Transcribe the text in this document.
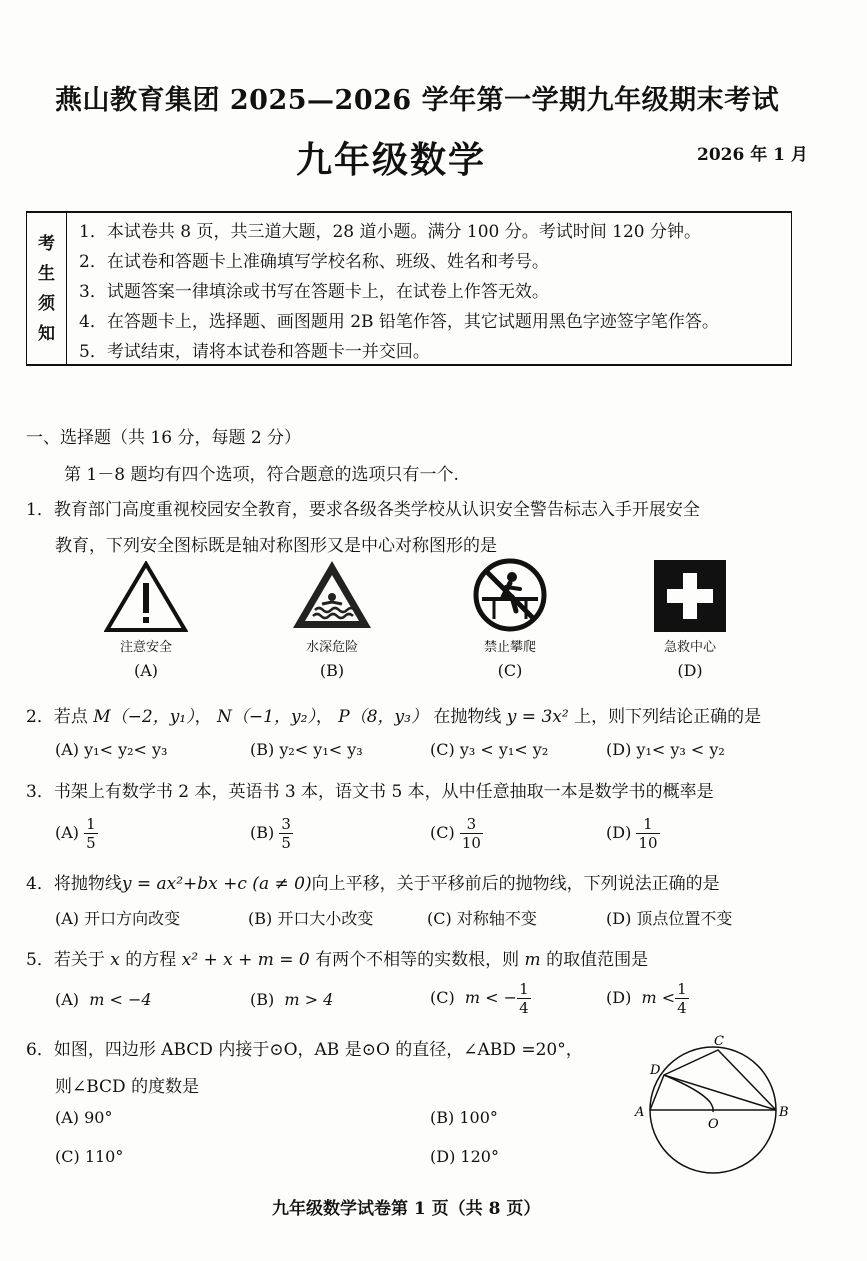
燕山教育集团 2025—2026 学年第一学期九年级期末考试
九年级数学	2026 年 1 月
考
生
须
知
1．本试卷共 8 页，共三道大题，28 道小题。满分 100 分。考试时间 120 分钟。
2．在试卷和答题卡上准确填写学校名称、班级、姓名和考号。
3．试题答案一律填涂或书写在答题卡上，在试卷上作答无效。
4．在答题卡上，选择题、画图题用 2B 铅笔作答，其它试题用黑色字迹签字笔作答。
5．考试结束，请将本试卷和答题卡一并交回。
一、选择题（共 16 分，每题 2 分）
第 1－8 题均有四个选项，符合题意的选项只有一个.
1．教育部门高度重视校园安全教育，要求各级各类学校从认识安全警告标志入手开展安全
教育，下列安全图标既是轴对称图形又是中心对称图形的是
注意安全
(A)
水深危险
(B)
禁止攀爬
(C)
急救中心
(D)
2．若点 M（−2，y₁）， N（−1，y₂）， P（8，y₃） 在抛物线 y = 3x² 上，则下列结论正确的是
(A) y₁< y₂< y₃	(B) y₂< y₁< y₃	(C) y₃ < y₁< y₂	(D) y₁< y₃ < y₂
3．书架上有数学书 2 本，英语书 3 本，语文书 5 本，从中任意抽取一本是数学书的概率是
$(A) \frac{1}{5}$	$(B) \frac{3}{5}$	$(C) \frac{3}{10}$	$(D) \frac{1}{10}$
4．将抛物线y = ax²+bx +c (a ≠ 0)向上平移，关于平移前后的抛物线，下列说法正确的是
(A) 开口方向改变	(B) 开口大小改变	(C) 对称轴不变	(D) 顶点位置不变
5．若关于 x 的方程 x² + x + m = 0 有两个不相等的实数根，则 m 的取值范围是
(A) m < −4	(B) m > 4	(C) m < − $\frac{1}{4}$	(D) $m < \frac{1}{4}$
6．如图，四边形 ABCD 内接于⊙O，AB 是⊙O 的直径，∠ABD =20°，
则∠BCD 的度数是
(A) 90°	(B) 100°
(C) 110°	(D) 120°
A	B
C
D
O
九年级数学试卷第 1 页（共 8 页）
